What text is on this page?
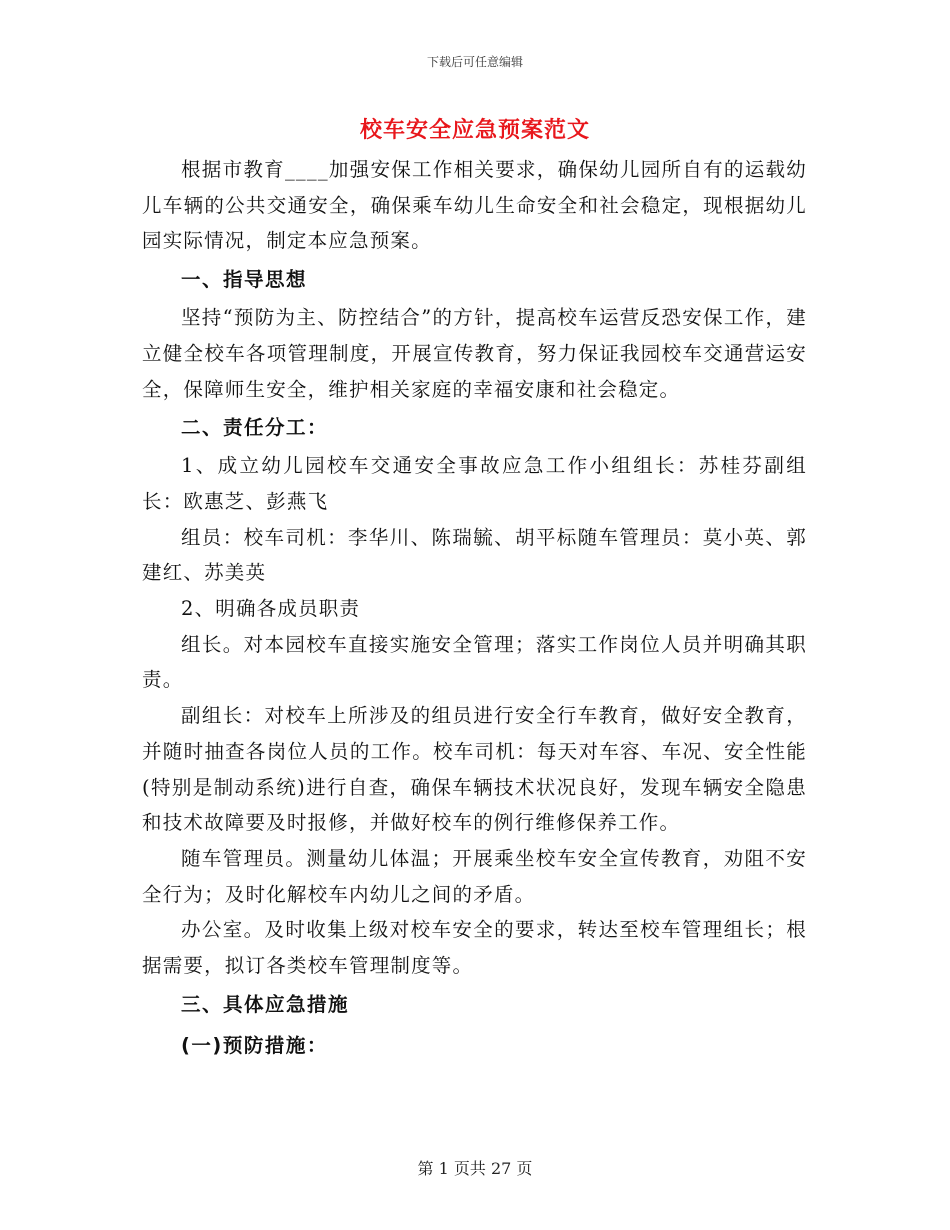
下载后可任意编辑
校车安全应急预案范文

根据市教育____加强安保工作相关要求，确保幼儿园所自有的运载幼儿车辆的公共交通安全，确保乘车幼儿生命安全和社会稳定，现根据幼儿园实际情况，制定本应急预案。

一、指导思想

坚持“预防为主、防控结合”的方针，提高校车运营反恐安保工作，建立健全校车各项管理制度，开展宣传教育，努力保证我园校车交通营运安全，保障师生安全，维护相关家庭的幸福安康和社会稳定。

二、责任分工：

1、成立幼儿园校车交通安全事故应急工作小组组长：苏桂芬副组长：欧惠芝、彭燕飞

组员：校车司机：李华川、陈瑞毓、胡平标随车管理员：莫小英、郭建红、苏美英

2、明确各成员职责

组长。对本园校车直接实施安全管理；落实工作岗位人员并明确其职责。

副组长：对校车上所涉及的组员进行安全行车教育，做好安全教育，并随时抽查各岗位人员的工作。校车司机：每天对车容、车况、安全性能(特别是制动系统)进行自查，确保车辆技术状况良好，发现车辆安全隐患和技术故障要及时报修，并做好校车的例行维修保养工作。

随车管理员。测量幼儿体温；开展乘坐校车安全宣传教育，劝阻不安全行为；及时化解校车内幼儿之间的矛盾。

办公室。及时收集上级对校车安全的要求，转达至校车管理组长；根据需要，拟订各类校车管理制度等。

三、具体应急措施

(一)预防措施：

第 1 页共 27 页
